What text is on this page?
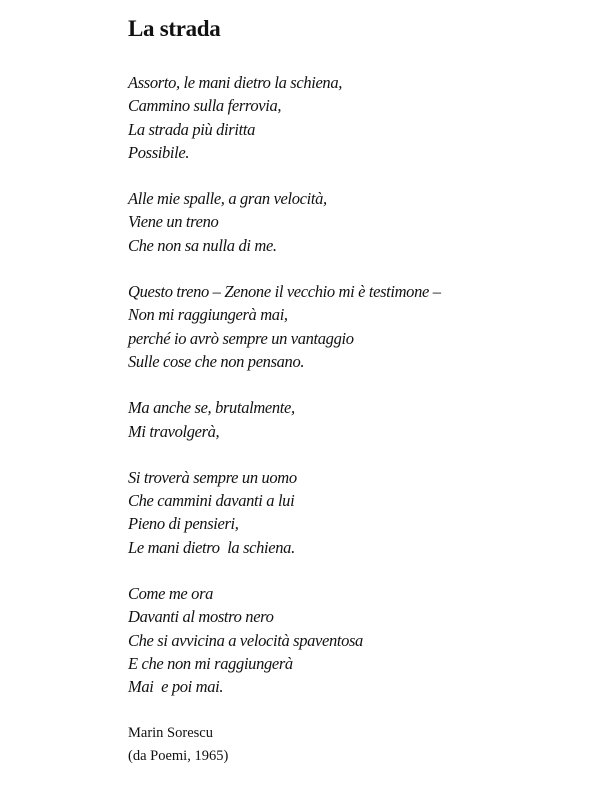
La strada
Assorto, le mani dietro la schiena,
Cammino sulla ferrovia,
La strada più diritta
Possibile.
Alle mie spalle, a gran velocità,
Viene un treno
Che non sa nulla di me.
Questo treno – Zenone il vecchio mi è testimone –
Non mi raggiungerà mai,
perché io avrò sempre un vantaggio
Sulle cose che non pensano.
Ma anche se, brutalmente,
Mi travolgerà,
Si troverà sempre un uomo
Che cammini davanti a lui
Pieno di pensieri,
Le mani dietro  la schiena.
Come me ora
Davanti al mostro nero
Che si avvicina a velocità spaventosa
E che non mi raggiungerà
Mai  e poi mai.
Marin Sorescu
(da Poemi, 1965)
